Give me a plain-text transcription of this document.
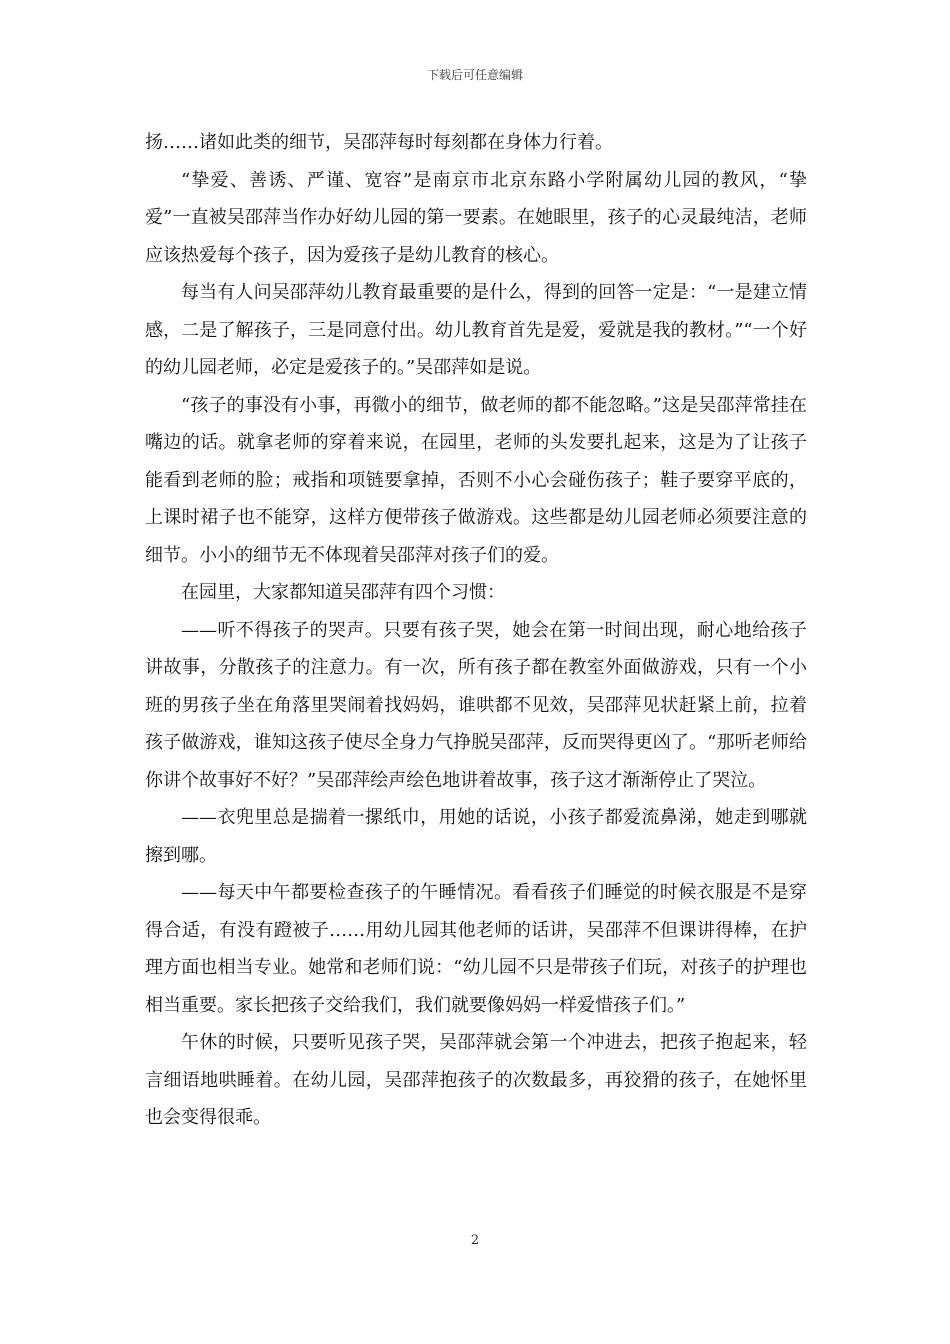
下载后可任意编辑

扬……诸如此类的细节，吴邵萍每时每刻都在身体力行着。

“挚爱、善诱、严谨、宽容”是南京市北京东路小学附属幼儿园的教风，“挚爱”一直被吴邵萍当作办好幼儿园的第一要素。在她眼里，孩子的心灵最纯洁，老师应该热爱每个孩子，因为爱孩子是幼儿教育的核心。

每当有人问吴邵萍幼儿教育最重要的是什么，得到的回答一定是：“一是建立情感，二是了解孩子，三是同意付出。幼儿教育首先是爱，爱就是我的教材。”“一个好的幼儿园老师，必定是爱孩子的。”吴邵萍如是说。

“孩子的事没有小事，再微小的细节，做老师的都不能忽略。”这是吴邵萍常挂在嘴边的话。就拿老师的穿着来说，在园里，老师的头发要扎起来，这是为了让孩子能看到老师的脸；戒指和项链要拿掉，否则不小心会碰伤孩子；鞋子要穿平底的，上课时裙子也不能穿，这样方便带孩子做游戏。这些都是幼儿园老师必须要注意的细节。小小的细节无不体现着吴邵萍对孩子们的爱。

在园里，大家都知道吴邵萍有四个习惯：

——听不得孩子的哭声。只要有孩子哭，她会在第一时间出现，耐心地给孩子讲故事，分散孩子的注意力。有一次，所有孩子都在教室外面做游戏，只有一个小班的男孩子坐在角落里哭闹着找妈妈，谁哄都不见效，吴邵萍见状赶紧上前，拉着孩子做游戏，谁知这孩子使尽全身力气挣脱吴邵萍，反而哭得更凶了。“那听老师给你讲个故事好不好？”吴邵萍绘声绘色地讲着故事，孩子这才渐渐停止了哭泣。

——衣兜里总是揣着一摞纸巾，用她的话说，小孩子都爱流鼻涕，她走到哪就擦到哪。

——每天中午都要检查孩子的午睡情况。看看孩子们睡觉的时候衣服是不是穿得合适，有没有蹬被子……用幼儿园其他老师的话讲，吴邵萍不但课讲得棒，在护理方面也相当专业。她常和老师们说：“幼儿园不只是带孩子们玩，对孩子的护理也相当重要。家长把孩子交给我们，我们就要像妈妈一样爱惜孩子们。”

午休的时候，只要听见孩子哭，吴邵萍就会第一个冲进去，把孩子抱起来，轻言细语地哄睡着。在幼儿园，吴邵萍抱孩子的次数最多，再狡猾的孩子，在她怀里也会变得很乖。

2
